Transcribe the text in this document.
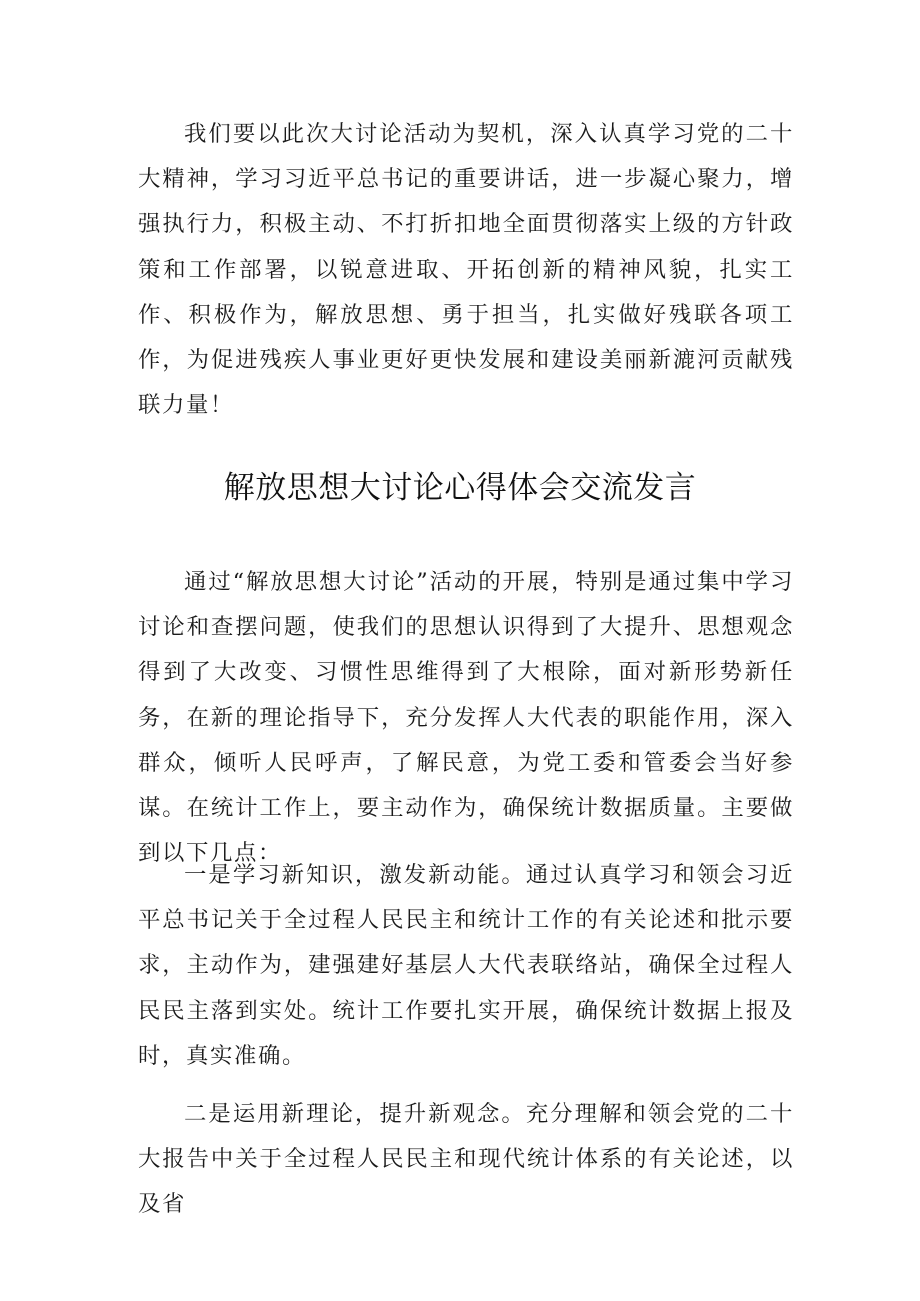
我们要以此次大讨论活动为契机，深入认真学习党的二十大精神，学习习近平总书记的重要讲话，进一步凝心聚力，增强执行力，积极主动、不打折扣地全面贯彻落实上级的方针政策和工作部署，以锐意进取、开拓创新的精神风貌，扎实工作、积极作为，解放思想、勇于担当，扎实做好残联各项工作，为促进残疾人事业更好更快发展和建设美丽新漉河贡献残联力量！

解放思想大讨论心得体会交流发言

通过“解放思想大讨论”活动的开展，特别是通过集中学习讨论和查摆问题，使我们的思想认识得到了大提升、思想观念得到了大改变、习惯性思维得到了大根除，面对新形势新任务，在新的理论指导下，充分发挥人大代表的职能作用，深入群众，倾听人民呼声，了解民意，为党工委和管委会当好参谋。在统计工作上，要主动作为，确保统计数据质量。主要做到以下几点：

一是学习新知识，激发新动能。通过认真学习和领会习近平总书记关于全过程人民民主和统计工作的有关论述和批示要求，主动作为，建强建好基层人大代表联络站，确保全过程人民民主落到实处。统计工作要扎实开展，确保统计数据上报及时，真实准确。

二是运用新理论，提升新观念。充分理解和领会党的二十大报告中关于全过程人民民主和现代统计体系的有关论述，以及省
